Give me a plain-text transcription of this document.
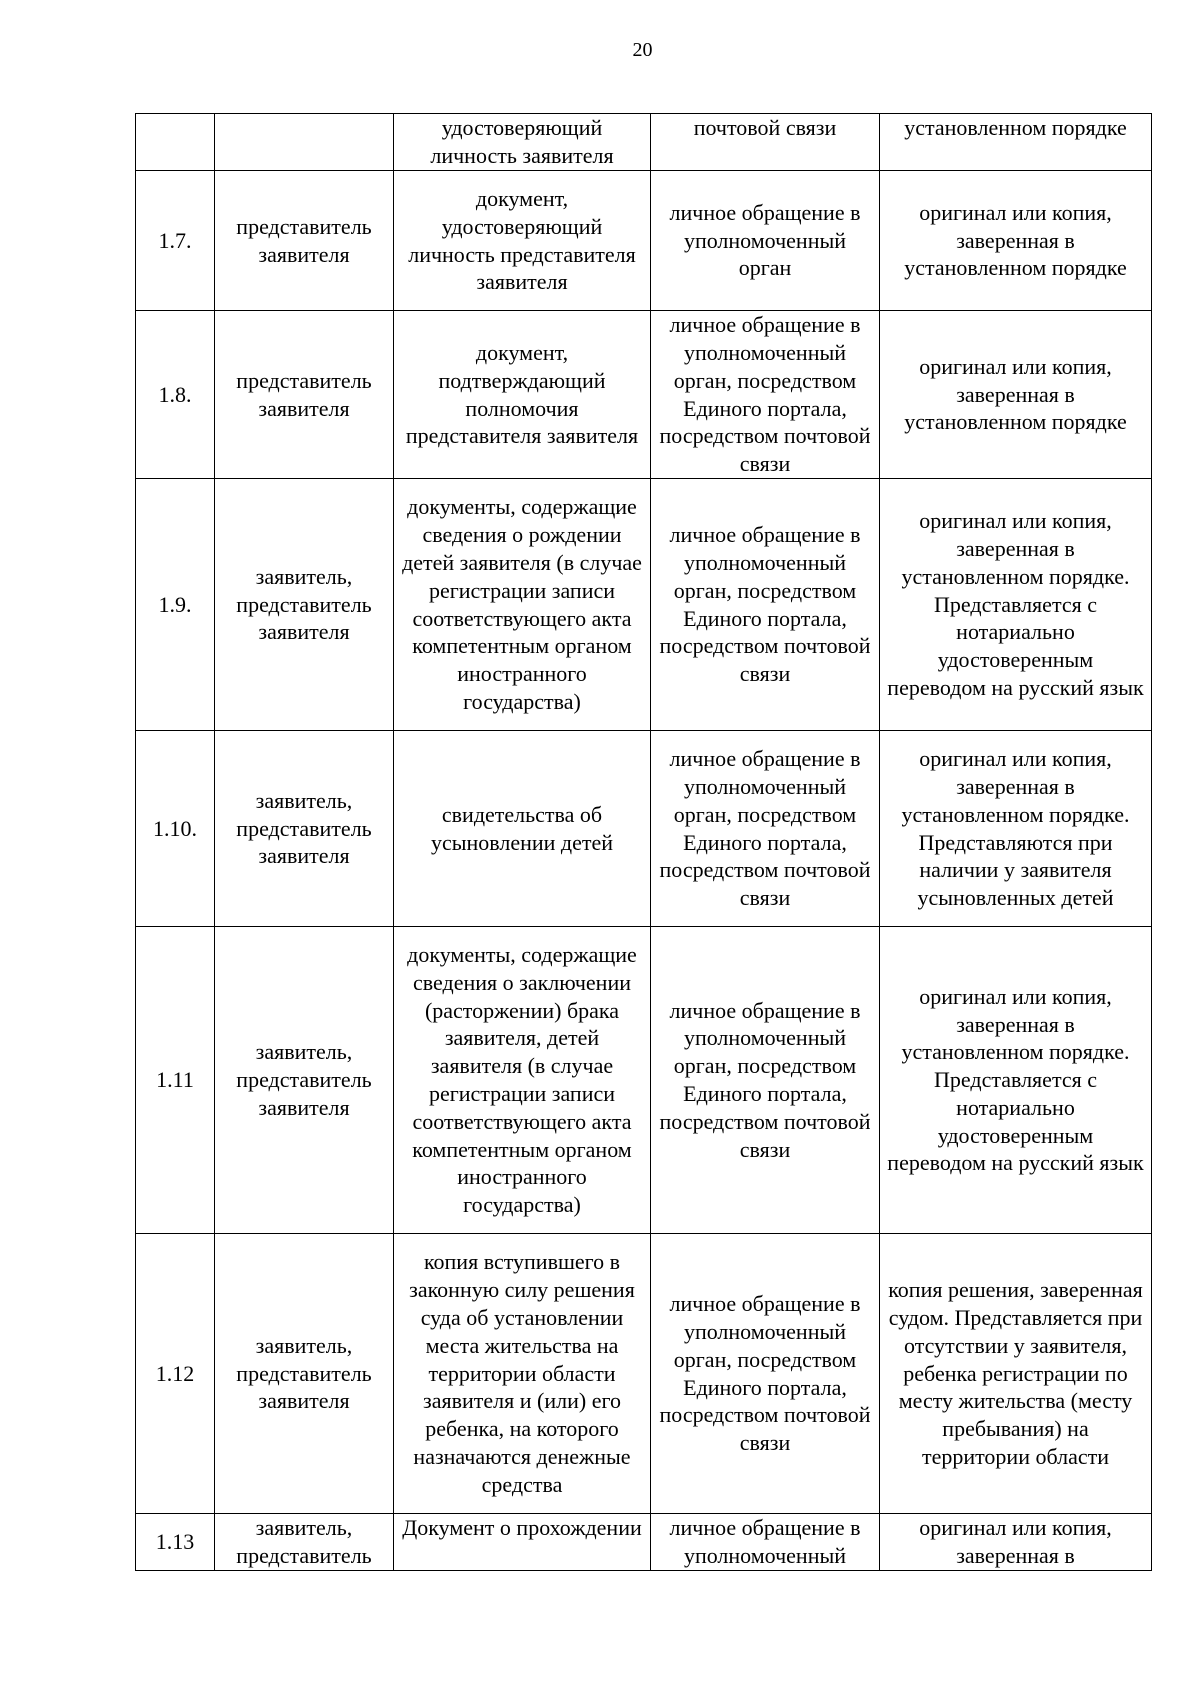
20
		удостоверяющий личность заявителя	почтовой связи	установленном порядке
1.7.	представитель заявителя	документ, удостоверяющий личность представителя заявителя	личное обращение в уполномоченный орган	оригинал или копия, заверенная в установленном порядке
1.8.	представитель заявителя	документ, подтверждающий полномочия представителя заявителя	личное обращение в уполномоченный орган, посредством Единого портала, посредством почтовой связи	оригинал или копия, заверенная в установленном порядке
1.9.	заявитель, представитель заявителя	документы, содержащие сведения о рождении детей заявителя (в случае регистрации записи соответствующего акта компетентным органом иностранного государства)	личное обращение в уполномоченный орган, посредством Единого портала, посредством почтовой связи	оригинал или копия, заверенная в установленном порядке. Представляется с нотариально удостоверенным переводом на русский язык
1.10.	заявитель, представитель заявителя	свидетельства об усыновлении детей	личное обращение в уполномоченный орган, посредством Единого портала, посредством почтовой связи	оригинал или копия, заверенная в установленном порядке. Представляются при наличии у заявителя усыновленных детей
1.11	заявитель, представитель заявителя	документы, содержащие сведения о заключении (расторжении) брака заявителя, детей заявителя (в случае регистрации записи соответствующего акта компетентным органом иностранного государства)	личное обращение в уполномоченный орган, посредством Единого портала, посредством почтовой связи	оригинал или копия, заверенная в установленном порядке. Представляется с нотариально удостоверенным переводом на русский язык
1.12	заявитель, представитель заявителя	копия вступившего в законную силу решения суда об установлении места жительства на территории области заявителя и (или) его ребенка, на которого назначаются денежные средства	личное обращение в уполномоченный орган, посредством Единого портала, посредством почтовой связи	копия решения, заверенная судом. Представляется при отсутствии у заявителя, ребенка регистрации по месту жительства (месту пребывания) на территории области
1.13	заявитель, представитель	Документ о прохождении	личное обращение в уполномоченный	оригинал или копия, заверенная в
